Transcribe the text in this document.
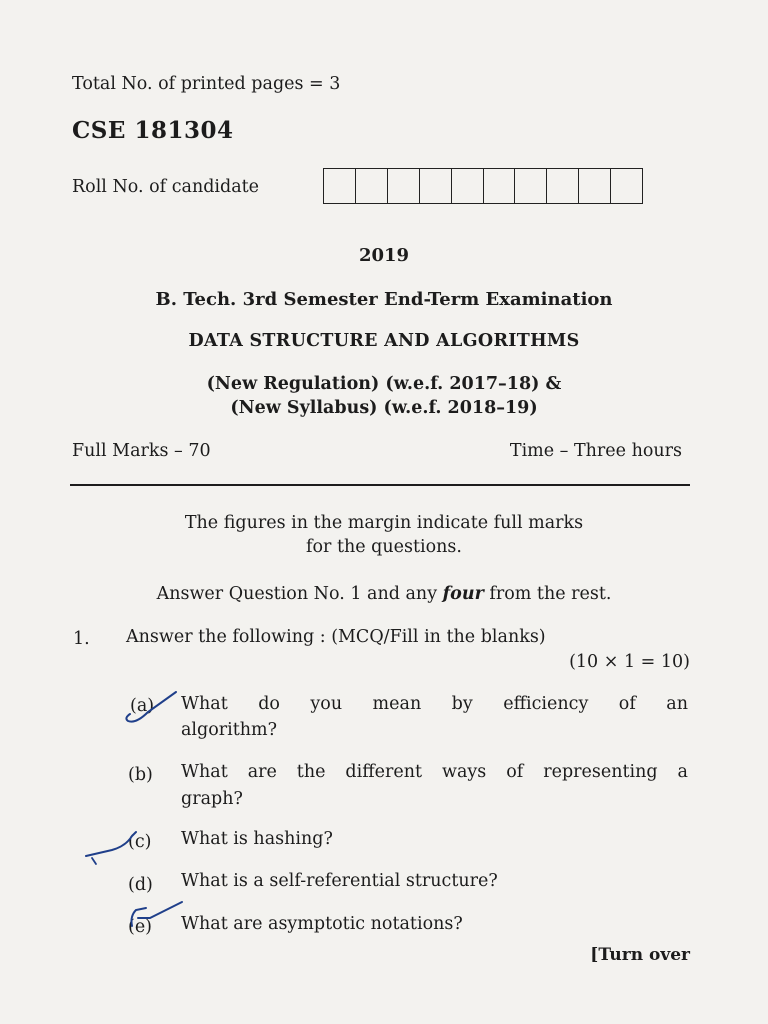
Total No. of printed pages = 3
CSE 181304
Roll No. of candidate
2019
B. Tech. 3rd Semester End-Term Examination
DATA STRUCTURE AND ALGORITHMS
(New Regulation) (w.e.f. 2017–18) &
(New Syllabus) (w.e.f. 2018–19)
Full Marks – 70	Time – Three hours
The figures in the margin indicate full marks
for the questions.
Answer Question No. 1 and any four from the rest.
1. Answer the following : (MCQ/Fill in the blanks)
(10 × 1 = 10)
(a) What do you mean by efficiency of an
algorithm?
(b) What are the different ways of representing a
graph?
(c) What is hashing?
(d) What is a self-referential structure?
(e) What are asymptotic notations?
[Turn over
